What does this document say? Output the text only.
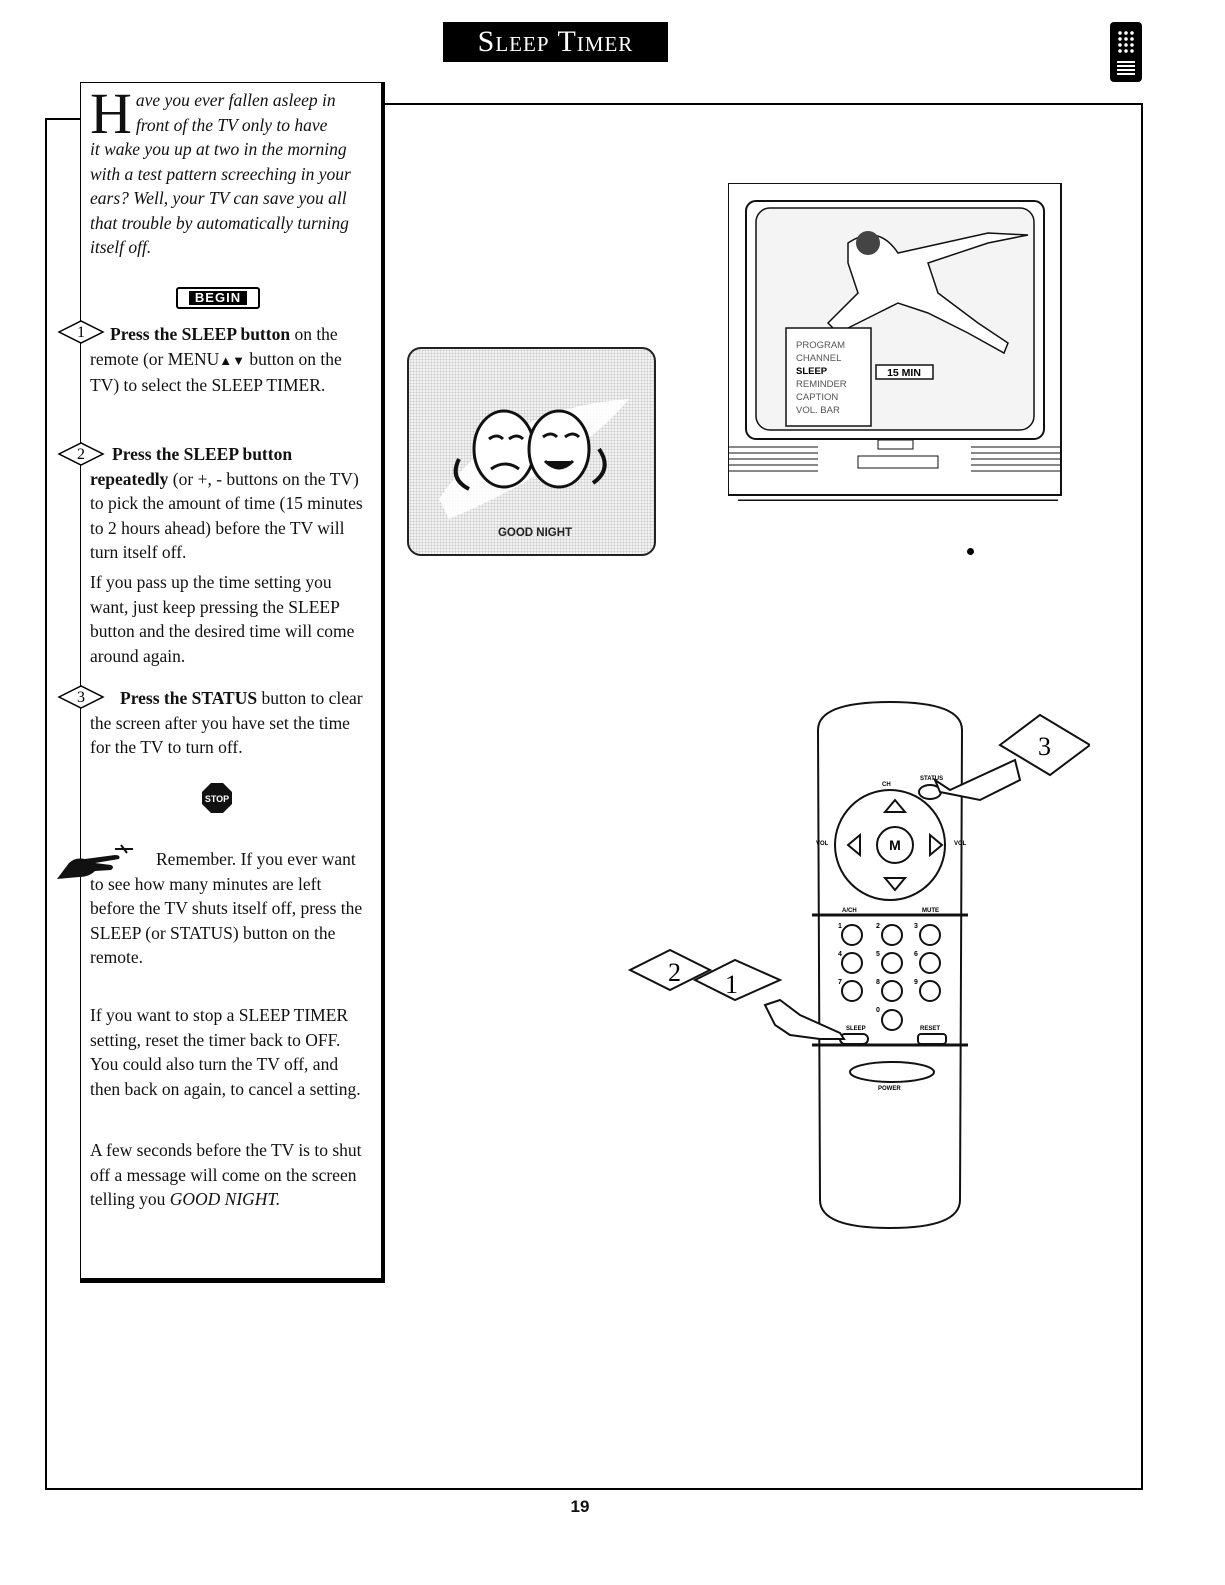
Sleep Timer
H ave you ever fallen asleep in
front of the TV only to have
it wake you up at two in the morning with a test pattern screeching in your ears? Well, your TV can save you all that trouble by automatically turning itself off.
BEGIN
1	Press the SLEEP button on the remote (or MENU▲▼ button on the TV) to select the SLEEP TIMER.
2	Press the SLEEP button repeatedly (or +, - buttons on the TV) to pick the amount of time (15 minutes to 2 hours ahead) before the TV will turn itself off.
If you pass up the time setting you want, just keep pressing the SLEEP button and the desired time will come around again.
3	Press the STATUS button to clear the screen after you have set the time for the TV to turn off.
STOP
Remember. If you ever want to see how many minutes are left before the TV shuts itself off, press the SLEEP (or STATUS) button on the remote.
If you want to stop a SLEEP TIMER setting, reset the timer back to OFF. You could also turn the TV off, and then back on again, to cancel a setting.
A few seconds before the TV is to shut off a message will come on the screen telling you GOOD NIGHT.
GOOD NIGHT
PROGRAM
CHANNEL
SLEEP
REMINDER
CAPTION
VOL. BAR
15 MIN
M
CH
STATUS
VOL	VOL
A/CH	MUTE
SLEEP	RESET
POWER
1	2	3
4	5	6
7	8	9
0
3
2 1
19
